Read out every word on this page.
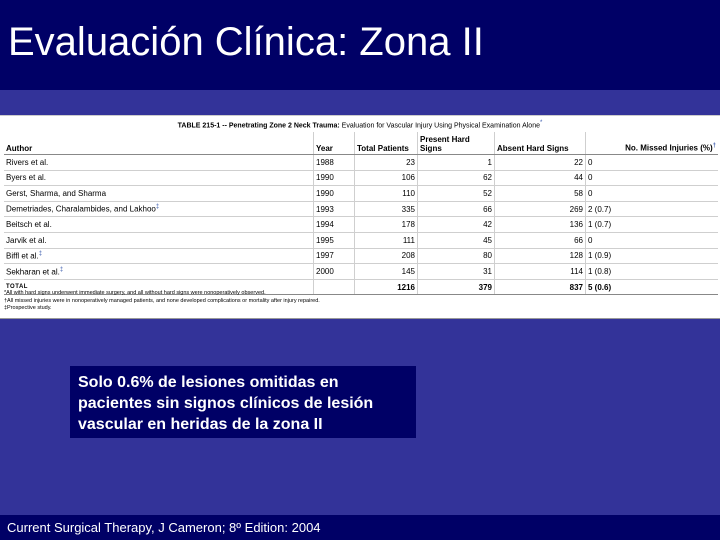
Evaluación Clínica: Zona II
TABLE 215-1 -- Penetrating Zone 2 Neck Trauma: Evaluation for Vascular Injury Using Physical Examination Alone*
Author	Year	Total Patients	Present Hard Signs	Absent Hard Signs	No. Missed Injuries (%)†
Rivers et al.	1988	23	1	22	0
Byers et al.	1990	106	62	44	0
Gerst, Sharma, and Sharma	1990	110	52	58	0
Demetriades, Charalambides, and Lakhoo‡	1993	335	66	269	2 (0.7)
Beitsch et al.	1994	178	42	136	1 (0.7)
Jarvik et al.	1995	111	45	66	0
Biffl et al.‡	1997	208	80	128	1 (0.9)
Sekharan et al.‡	2000	145	31	114	1 (0.8)
TOTAL		1216	379	837	5 (0.6)
*All with hard signs underwent immediate surgery, and all without hard signs were nonoperatively observed.
†All missed injuries were in nonoperatively managed patients, and none developed complications or mortality after injury repaired.
‡Prospective study.

Solo 0.6% de lesiones omitidas en pacientes sin signos clínicos de lesión vascular en heridas de la zona II

Current Surgical Therapy, J Cameron; 8º Edition: 2004
